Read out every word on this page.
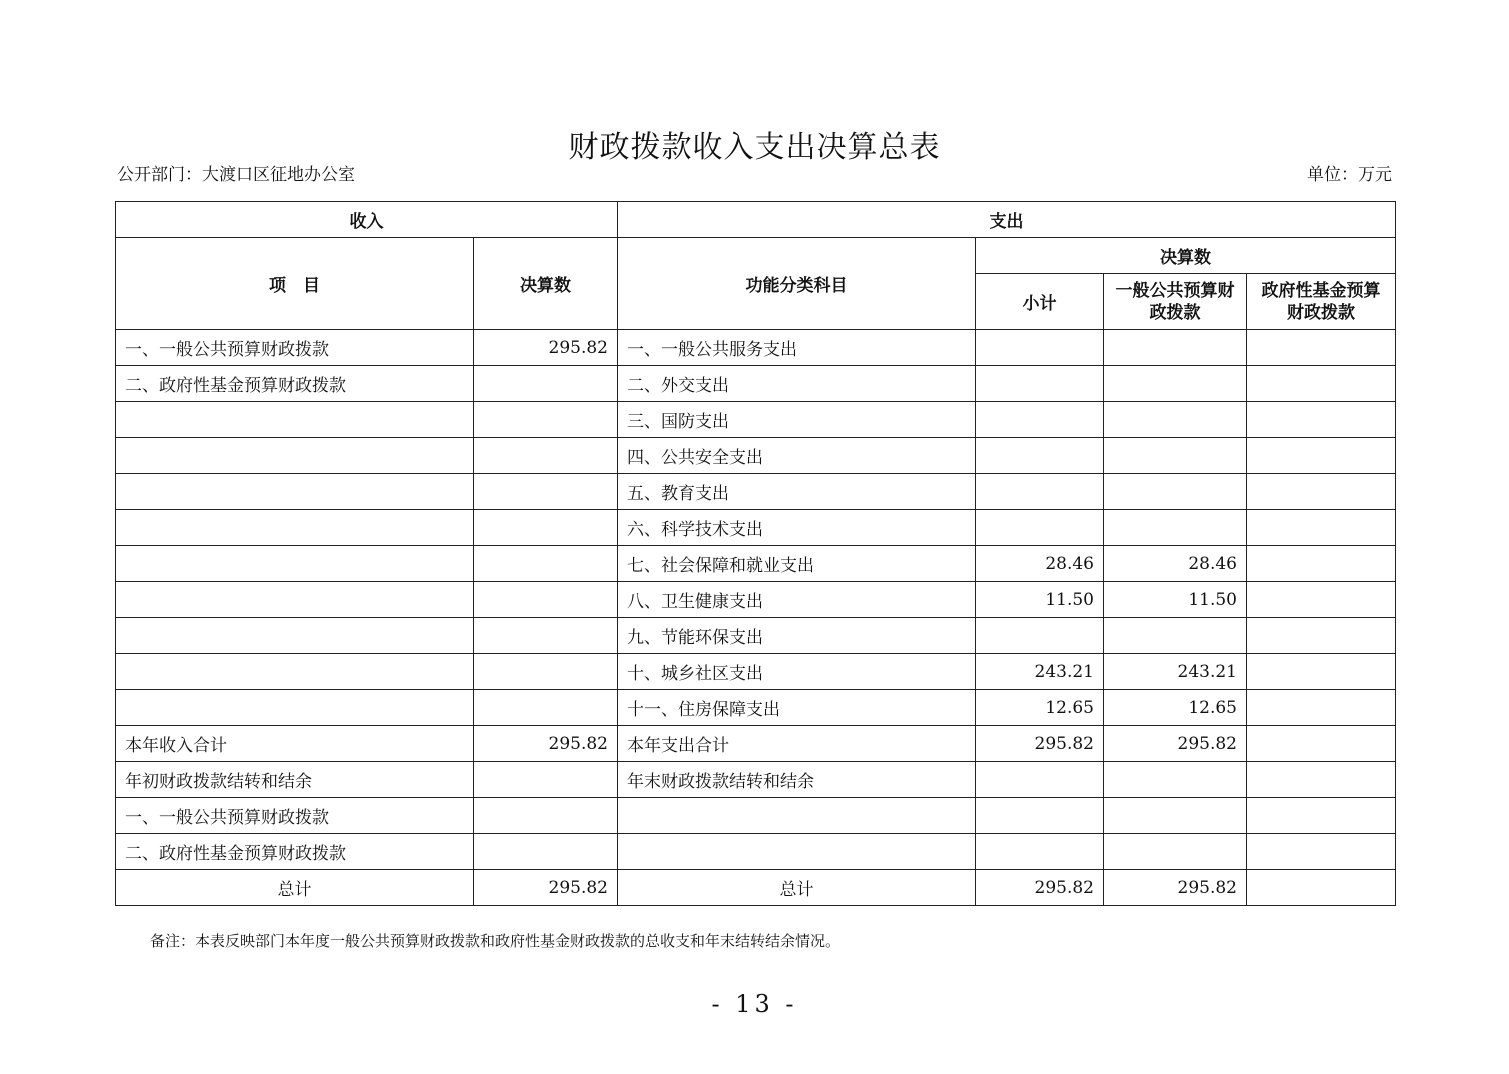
财政拨款收入支出决算总表
公开部门：大渡口区征地办公室	单位：万元
收入		支出			
项　目	决算数	功能分类科目	决算数		
			小计	一般公共预算财政拨款	政府性基金预算财政拨款
一、一般公共预算财政拨款	295.82	一、一般公共服务支出			
二、政府性基金预算财政拨款		二、外交支出			
		三、国防支出			
		四、公共安全支出			
		五、教育支出			
		六、科学技术支出			
		七、社会保障和就业支出	28.46	28.46	
		八、卫生健康支出	11.50	11.50	
		九、节能环保支出			
		十、城乡社区支出	243.21	243.21	
		十一、住房保障支出	12.65	12.65	
本年收入合计	295.82	本年支出合计	295.82	295.82	
年初财政拨款结转和结余		年末财政拨款结转和结余			
一、一般公共预算财政拨款					
二、政府性基金预算财政拨款					
总计	295.82	总计	295.82	295.82	
备注：本表反映部门本年度一般公共预算财政拨款和政府性基金财政拨款的总收支和年末结转结余情况。
- 13 -
